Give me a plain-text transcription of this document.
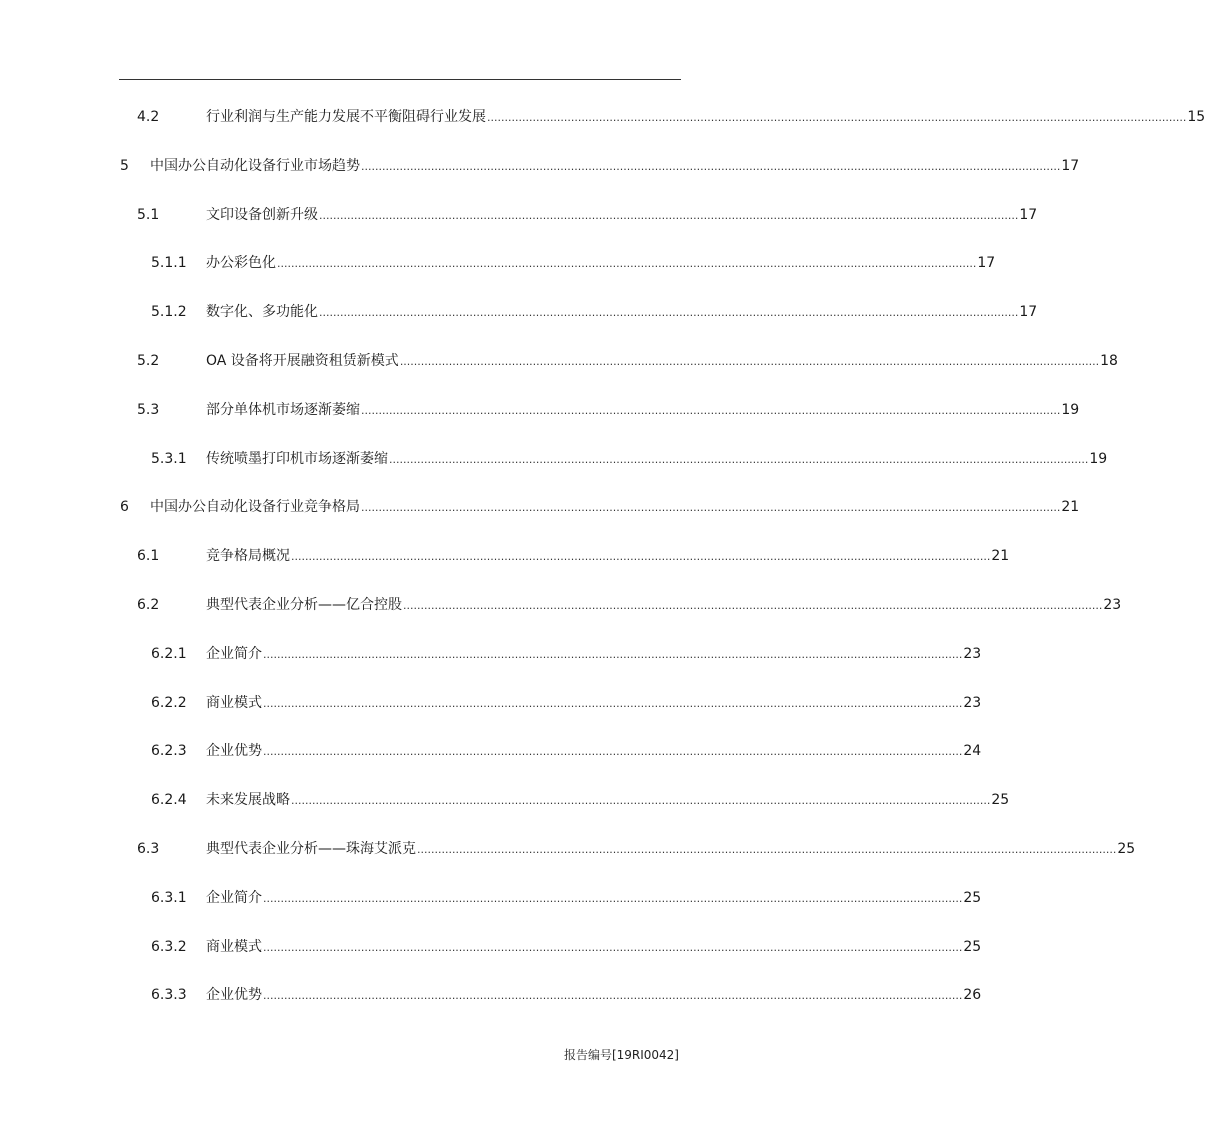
4.2	行业利润与生产能力发展不平衡阻碍行业发展 ........................................................................................................................................................................................................ 15
5 中国办公自动化设备行业市场趋势 ........................................................................................................................................................................................................ 17
5.1	文印设备创新升级 ........................................................................................................................................................................................................ 17
5.1.1 办公彩色化 ........................................................................................................................................................................................................ 17
5.1.2 数字化、多功能化 ........................................................................................................................................................................................................ 17
5.2	OA 设备将开展融资租赁新模式 ........................................................................................................................................................................................................ 18
5.3	部分单体机市场逐渐萎缩 ........................................................................................................................................................................................................ 19
5.3.1 传统喷墨打印机市场逐渐萎缩 ........................................................................................................................................................................................................ 19
6 中国办公自动化设备行业竞争格局 ........................................................................................................................................................................................................ 21
6.1	竞争格局概况 ........................................................................................................................................................................................................ 21
6.2	典型代表企业分析——亿合控股 ........................................................................................................................................................................................................ 23
6.2.1 企业简介 ........................................................................................................................................................................................................ 23
6.2.2 商业模式 ........................................................................................................................................................................................................ 23
6.2.3 企业优势 ........................................................................................................................................................................................................ 24
6.2.4 未来发展战略 ........................................................................................................................................................................................................ 25
6.3	典型代表企业分析——珠海艾派克 ........................................................................................................................................................................................................ 25
6.3.1 企业简介 ........................................................................................................................................................................................................ 25
6.3.2 商业模式 ........................................................................................................................................................................................................ 25
6.3.3 企业优势 ........................................................................................................................................................................................................ 26
报告编号[19RI0042]
